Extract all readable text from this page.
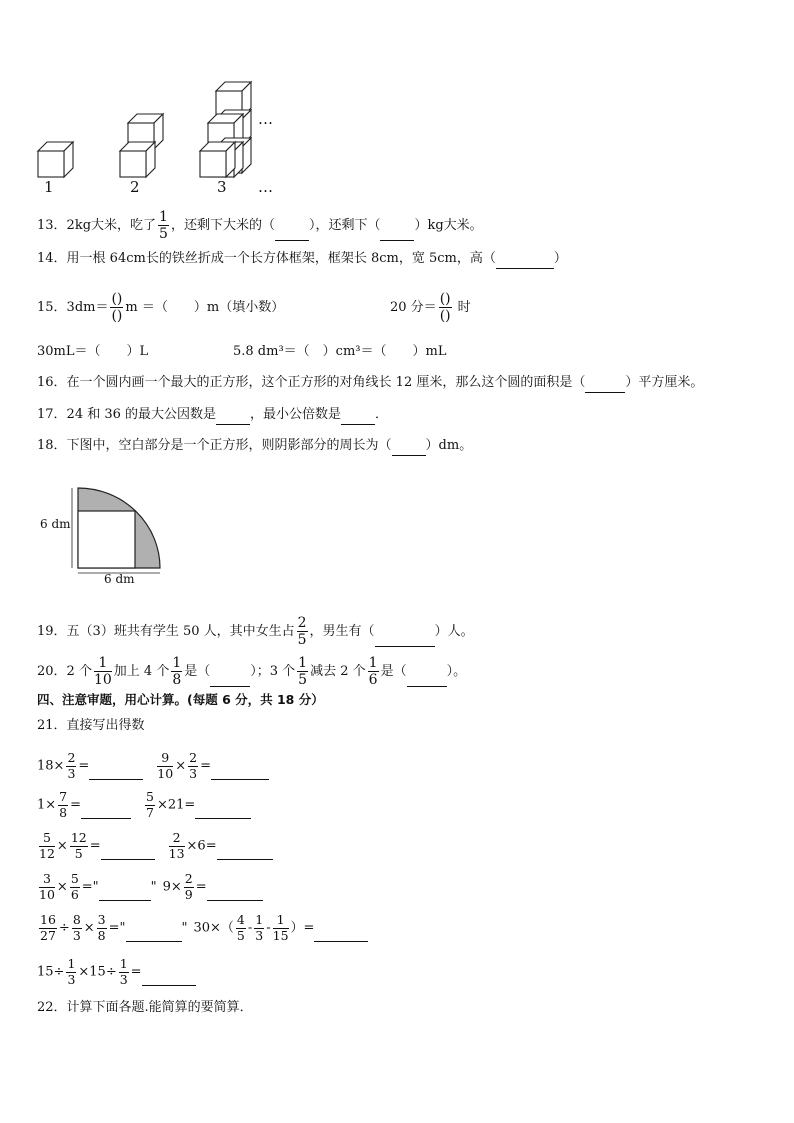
1	2	3
…
…
13．2kg大米，吃了 $\frac{1}{5}$ ，还剩下大米的（	），还剩下（	）kg大米。
14．用一根 64cm长的铁丝折成一个长方体框架，框架长 8cm，宽 5cm，高（	）
15．$3dm= \frac{()}{()}$ m ＝（ ）m（填小数）	20 分＝ $\frac{()}{()}$ 时
30mL＝（　　）L	5.8 dm³＝（　）cm³＝（　　）mL
16．在一个圆内画一个最大的正方形，这个正方形的对角线长 12 厘米，那么这个圆的面积是（	）平方厘米。
17．24 和 36 的最大公因数是	，最小公倍数是	．
18．下图中，空白部分是一个正方形，则阴影部分的周长为（	）dm。
6 dm
6 dm
19．五（3）班共有学生 50 人，其中女生占 $\frac{2}{5}$ ，男生有（	）人。
20．2 个 $\frac{1}{10}$ 加上 4 个 $\frac{1}{8}$ 是（	）；3 个 $\frac{1}{5}$ 减去 2 个 $\frac{1}{6}$ 是（	）。
四、注意审题，用心计算。(每题 6 分，共 18 分）
21．直接写出得数
$18\times \frac{2}{3}$ =	$\frac{9}{10} \times \frac{2}{3}$ =
$1\times \frac{7}{8}$ =	$\frac{5}{7} \times 21=$
$\frac{5}{12} \times \frac{12}{5}$ =	$\frac{2}{13} \times 6=$
$\frac{3}{10} \times \frac{5}{6}$ ="	" $9\times \frac{2}{9}$ =
$\frac{16}{27} \div \frac{8}{3} \times \frac{3}{8}$ ="	" $30\times( \frac{4}{5} - \frac{1}{3} - \frac{1}{15}$ ）=
$15\div \frac{1}{3} \times 15\div \frac{1}{3}$ =
22．计算下面各题.能简算的要简算．
